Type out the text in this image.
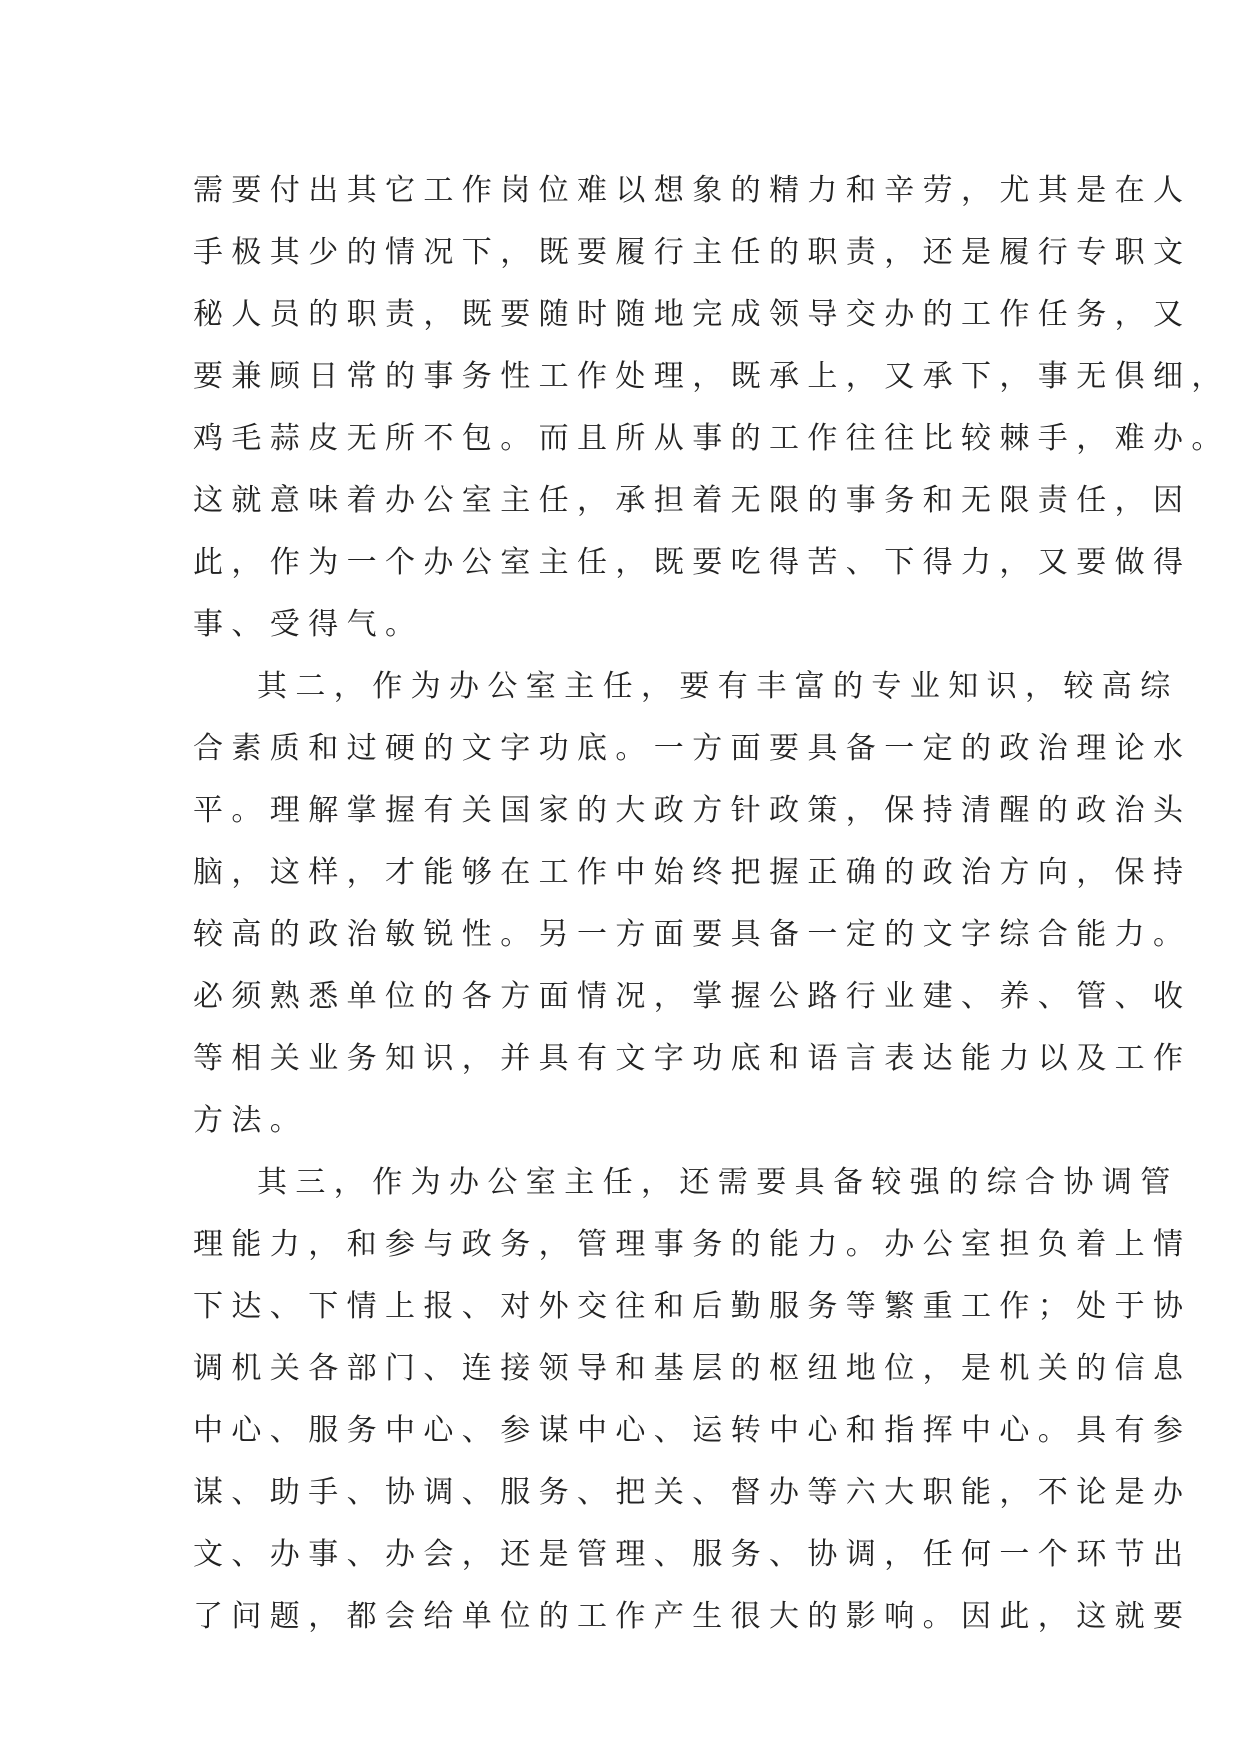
需要付出其它工作岗位难以想象的精力和辛劳，尤其是在人
手极其少的情况下，既要履行主任的职责，还是履行专职文
秘人员的职责，既要随时随地完成领导交办的工作任务，又
要兼顾日常的事务性工作处理，既承上，又承下，事无俱细，
鸡毛蒜皮无所不包。而且所从事的工作往往比较棘手，难办。
这就意味着办公室主任，承担着无限的事务和无限责任，因
此，作为一个办公室主任，既要吃得苦、下得力，又要做得
事、受得气。
其二，作为办公室主任，要有丰富的专业知识，较高综
合素质和过硬的文字功底。一方面要具备一定的政治理论水
平。理解掌握有关国家的大政方针政策，保持清醒的政治头
脑，这样，才能够在工作中始终把握正确的政治方向，保持
较高的政治敏锐性。另一方面要具备一定的文字综合能力。
必须熟悉单位的各方面情况，掌握公路行业建、养、管、收
等相关业务知识，并具有文字功底和语言表达能力以及工作
方法。
其三，作为办公室主任，还需要具备较强的综合协调管
理能力，和参与政务，管理事务的能力。办公室担负着上情
下达、下情上报、对外交往和后勤服务等繁重工作；处于协
调机关各部门、连接领导和基层的枢纽地位，是机关的信息
中心、服务中心、参谋中心、运转中心和指挥中心。具有参
谋、助手、协调、服务、把关、督办等六大职能，不论是办
文、办事、办会，还是管理、服务、协调，任何一个环节出
了问题，都会给单位的工作产生很大的影响。因此，这就要
